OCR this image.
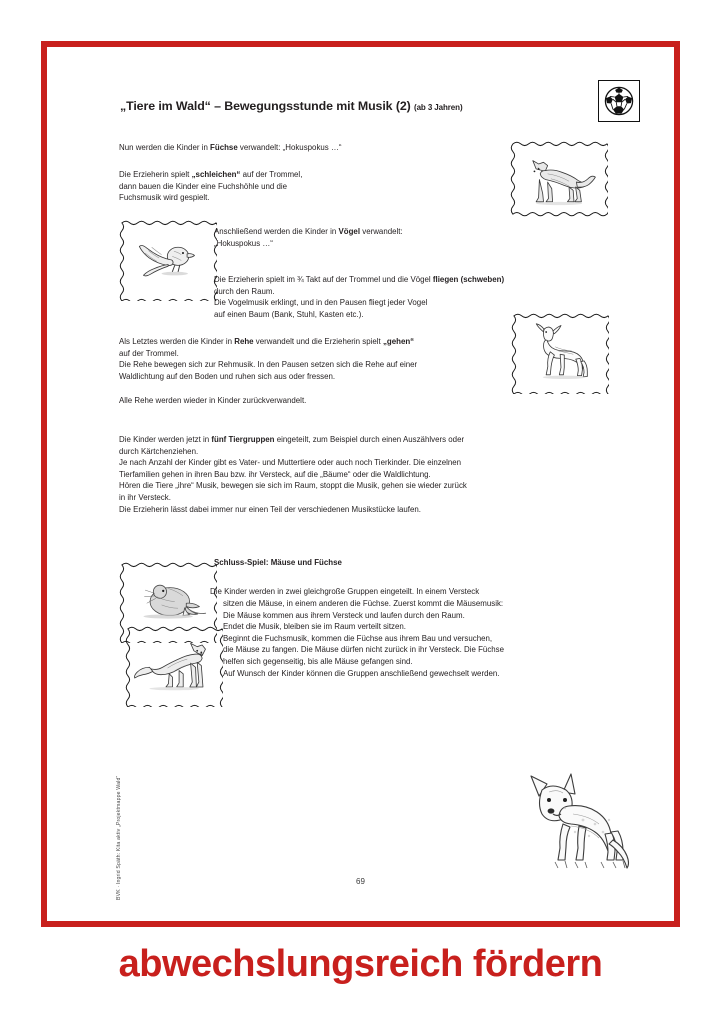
BVK · Ingrid Späth: Kita aktiv „Projektmappe Wald“
„Tiere im Wald“ – Bewegungsstunde mit Musik (2) (ab 3 Jahren)
Nun werden die Kinder in Füchse verwandelt: „Hokuspokus …“
Die Erzieherin spielt „schleichen“ auf der Trommel,
dann bauen die Kinder eine Fuchshöhle und die
Fuchsmusik wird gespielt.
Anschließend werden die Kinder in Vögel verwandelt:
„Hokuspokus …“
Die Erzieherin spielt im ¾ Takt auf der Trommel und die Vögel fliegen (schweben)
durch den Raum.
Die Vogelmusik erklingt, und in den Pausen fliegt jeder Vogel
auf einen Baum (Bank, Stuhl, Kasten etc.).
Als Letztes werden die Kinder in Rehe verwandelt und die Erzieherin spielt „gehen“
auf der Trommel.
Die Rehe bewegen sich zur Rehmusik. In den Pausen setzen sich die Rehe auf einer
Waldlichtung auf den Boden und ruhen sich aus oder fressen.
Alle Rehe werden wieder in Kinder zurückverwandelt.
Die Kinder werden jetzt in fünf Tiergruppen eingeteilt, zum Beispiel durch einen Auszählvers oder
durch Kärtchenziehen.
Je nach Anzahl der Kinder gibt es Vater- und Muttertiere oder auch noch Tierkinder. Die einzelnen
Tierfamilien gehen in ihren Bau bzw. ihr Versteck, auf die „Bäume“ oder die Waldlichtung.
Hören die Tiere „ihre“ Musik, bewegen sie sich im Raum, stoppt die Musik, gehen sie wieder zurück
in ihr Versteck.
Die Erzieherin lässt dabei immer nur einen Teil der verschiedenen Musikstücke laufen.
Schluss-Spiel: Mäuse und Füchse
Die Kinder werden in zwei gleichgroße Gruppen eingeteilt. In einem Versteck
sitzen die Mäuse, in einem anderen die Füchse. Zuerst kommt die Mäusemusik:
Die Mäuse kommen aus ihrem Versteck und laufen durch den Raum.
Endet die Musik, bleiben sie im Raum verteilt sitzen.
Beginnt die Fuchsmusik, kommen die Füchse aus ihrem Bau und versuchen,
die Mäuse zu fangen. Die Mäuse dürfen nicht zurück in ihr Versteck. Die Füchse
helfen sich gegenseitig, bis alle Mäuse gefangen sind.
Auf Wunsch der Kinder können die Gruppen anschließend gewechselt werden.
69
abwechslungsreich fördern
